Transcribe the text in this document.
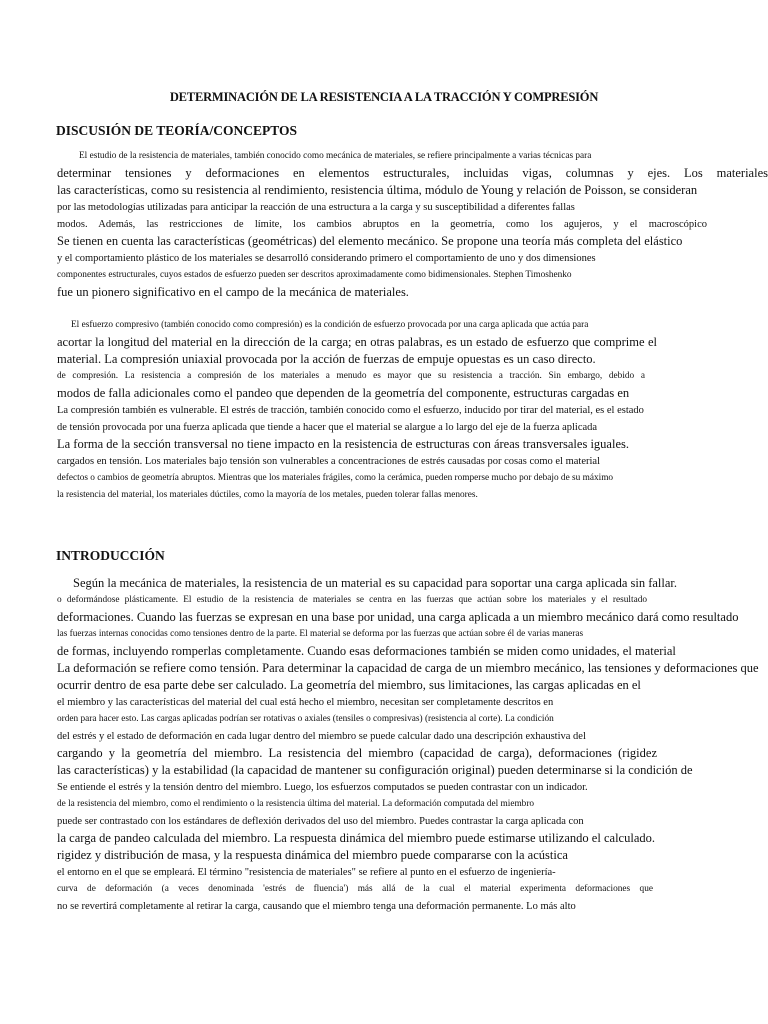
DETERMINACIÓN DE LA RESISTENCIA A LA TRACCIÓN Y COMPRESIÓN
DISCUSIÓN DE TEORÍA/CONCEPTOS
El estudio de la resistencia de materiales, también conocido como mecánica de materiales, se refiere principalmente a varias técnicas para
determinar tensiones y deformaciones en elementos estructurales, incluidas vigas, columnas y ejes. Los materiales
las características, como su resistencia al rendimiento, resistencia última, módulo de Young y relación de Poisson, se consideran
por las metodologías utilizadas para anticipar la reacción de una estructura a la carga y su susceptibilidad a diferentes fallas
modos. Además, las restricciones de límite, los cambios abruptos en la geometría, como los agujeros, y el macroscópico
Se tienen en cuenta las características (geométricas) del elemento mecánico. Se propone una teoría más completa del elástico
y el comportamiento plástico de los materiales se desarrolló considerando primero el comportamiento de uno y dos dimensiones
componentes estructurales, cuyos estados de esfuerzo pueden ser descritos aproximadamente como bidimensionales. Stephen Timoshenko
fue un pionero significativo en el campo de la mecánica de materiales.
El esfuerzo compresivo (también conocido como compresión) es la condición de esfuerzo provocada por una carga aplicada que actúa para
acortar la longitud del material en la dirección de la carga; en otras palabras, es un estado de esfuerzo que comprime el
material. La compresión uniaxial provocada por la acción de fuerzas de empuje opuestas es un caso directo.
de compresión. La resistencia a compresión de los materiales a menudo es mayor que su resistencia a tracción. Sin embargo, debido a
modos de falla adicionales como el pandeo que dependen de la geometría del componente, estructuras cargadas en
La compresión también es vulnerable. El estrés de tracción, también conocido como el esfuerzo, inducido por tirar del material, es el estado
de tensión provocada por una fuerza aplicada que tiende a hacer que el material se alargue a lo largo del eje de la fuerza aplicada
La forma de la sección transversal no tiene impacto en la resistencia de estructuras con áreas transversales iguales.
cargados en tensión. Los materiales bajo tensión son vulnerables a concentraciones de estrés causadas por cosas como el material
defectos o cambios de geometría abruptos. Mientras que los materiales frágiles, como la cerámica, pueden romperse mucho por debajo de su máximo
la resistencia del material, los materiales dúctiles, como la mayoría de los metales, pueden tolerar fallas menores.
INTRODUCCIÓN
Según la mecánica de materiales, la resistencia de un material es su capacidad para soportar una carga aplicada sin fallar.
o deformándose plásticamente. El estudio de la resistencia de materiales se centra en las fuerzas que actúan sobre los materiales y el resultado
deformaciones. Cuando las fuerzas se expresan en una base por unidad, una carga aplicada a un miembro mecánico dará como resultado
las fuerzas internas conocidas como tensiones dentro de la parte. El material se deforma por las fuerzas que actúan sobre él de varias maneras
de formas, incluyendo romperlas completamente. Cuando esas deformaciones también se miden como unidades, el material
La deformación se refiere como tensión. Para determinar la capacidad de carga de un miembro mecánico, las tensiones y deformaciones que
ocurrir dentro de esa parte debe ser calculado. La geometría del miembro, sus limitaciones, las cargas aplicadas en el
el miembro y las características del material del cual está hecho el miembro, necesitan ser completamente descritos en
orden para hacer esto. Las cargas aplicadas podrían ser rotativas o axiales (tensiles o compresivas) (resistencia al corte). La condición
del estrés y el estado de deformación en cada lugar dentro del miembro se puede calcular dado una descripción exhaustiva del
cargando y la geometría del miembro. La resistencia del miembro (capacidad de carga), deformaciones (rigidez
las características) y la estabilidad (la capacidad de mantener su configuración original) pueden determinarse si la condición de
Se entiende el estrés y la tensión dentro del miembro. Luego, los esfuerzos computados se pueden contrastar con un indicador.
de la resistencia del miembro, como el rendimiento o la resistencia última del material. La deformación computada del miembro
puede ser contrastado con los estándares de deflexión derivados del uso del miembro. Puedes contrastar la carga aplicada con
la carga de pandeo calculada del miembro. La respuesta dinámica del miembro puede estimarse utilizando el calculado.
rigidez y distribución de masa, y la respuesta dinámica del miembro puede compararse con la acústica
el entorno en el que se empleará. El término "resistencia de materiales" se refiere al punto en el esfuerzo de ingeniería-
curva de deformación (a veces denominada 'estrés de fluencia') más allá de la cual el material experimenta deformaciones que
no se revertirá completamente al retirar la carga, causando que el miembro tenga una deformación permanente. Lo más alto
